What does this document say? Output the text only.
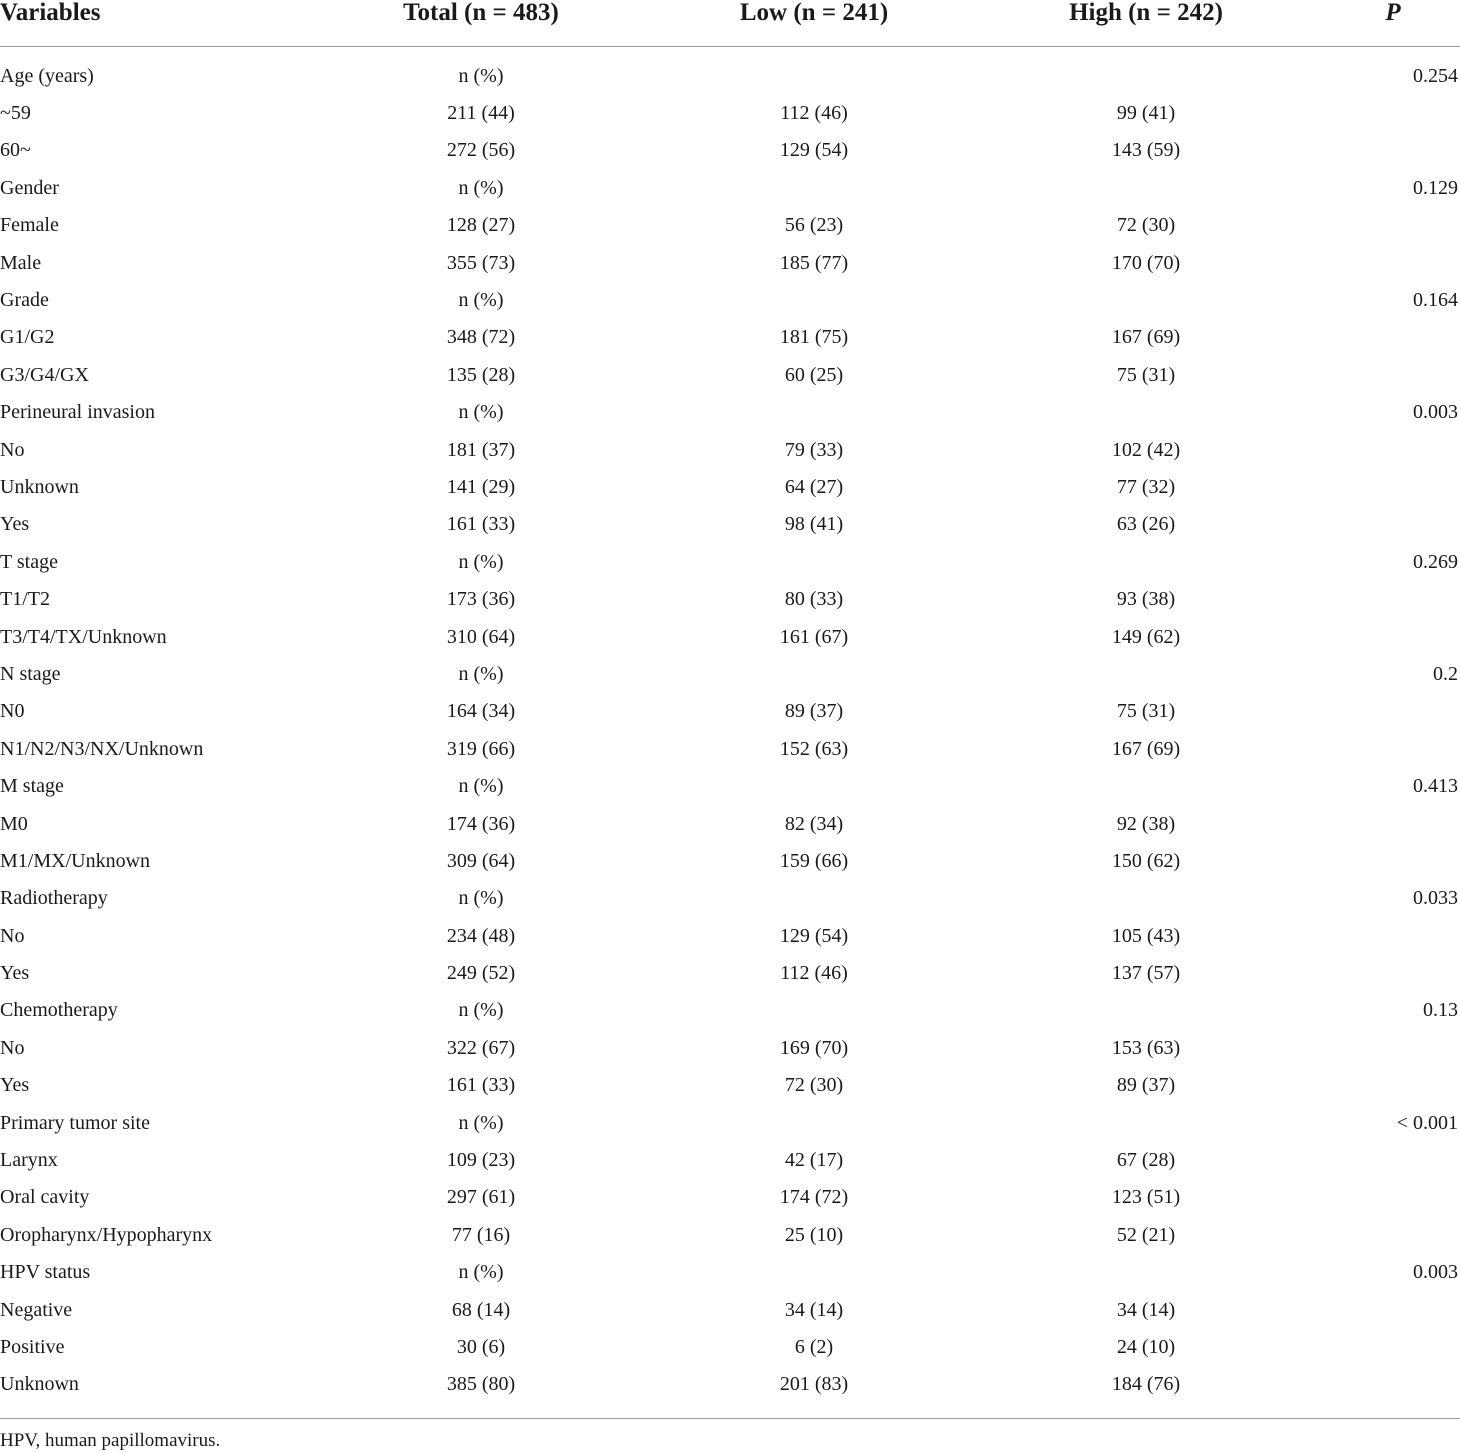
Variables	Total (n = 483)	Low (n = 241)	High (n = 242)	P
Age (years)	n (%)			0.254
~59	211 (44)	112 (46)	99 (41)	
60~	272 (56)	129 (54)	143 (59)	
Gender	n (%)			0.129
Female	128 (27)	56 (23)	72 (30)	
Male	355 (73)	185 (77)	170 (70)	
Grade	n (%)			0.164
G1/G2	348 (72)	181 (75)	167 (69)	
G3/G4/GX	135 (28)	60 (25)	75 (31)	
Perineural invasion	n (%)			0.003
No	181 (37)	79 (33)	102 (42)	
Unknown	141 (29)	64 (27)	77 (32)	
Yes	161 (33)	98 (41)	63 (26)	
T stage	n (%)			0.269
T1/T2	173 (36)	80 (33)	93 (38)	
T3/T4/TX/Unknown	310 (64)	161 (67)	149 (62)	
N stage	n (%)			0.2
N0	164 (34)	89 (37)	75 (31)	
N1/N2/N3/NX/Unknown	319 (66)	152 (63)	167 (69)	
M stage	n (%)			0.413
M0	174 (36)	82 (34)	92 (38)	
M1/MX/Unknown	309 (64)	159 (66)	150 (62)	
Radiotherapy	n (%)			0.033
No	234 (48)	129 (54)	105 (43)	
Yes	249 (52)	112 (46)	137 (57)	
Chemotherapy	n (%)			0.13
No	322 (67)	169 (70)	153 (63)	
Yes	161 (33)	72 (30)	89 (37)	
Primary tumor site	n (%)			< 0.001
Larynx	109 (23)	42 (17)	67 (28)	
Oral cavity	297 (61)	174 (72)	123 (51)	
Oropharynx/Hypopharynx	77 (16)	25 (10)	52 (21)	
HPV status	n (%)			0.003
Negative	68 (14)	34 (14)	34 (14)	
Positive	30 (6)	6 (2)	24 (10)	
Unknown	385 (80)	201 (83)	184 (76)	
HPV, human papillomavirus.
